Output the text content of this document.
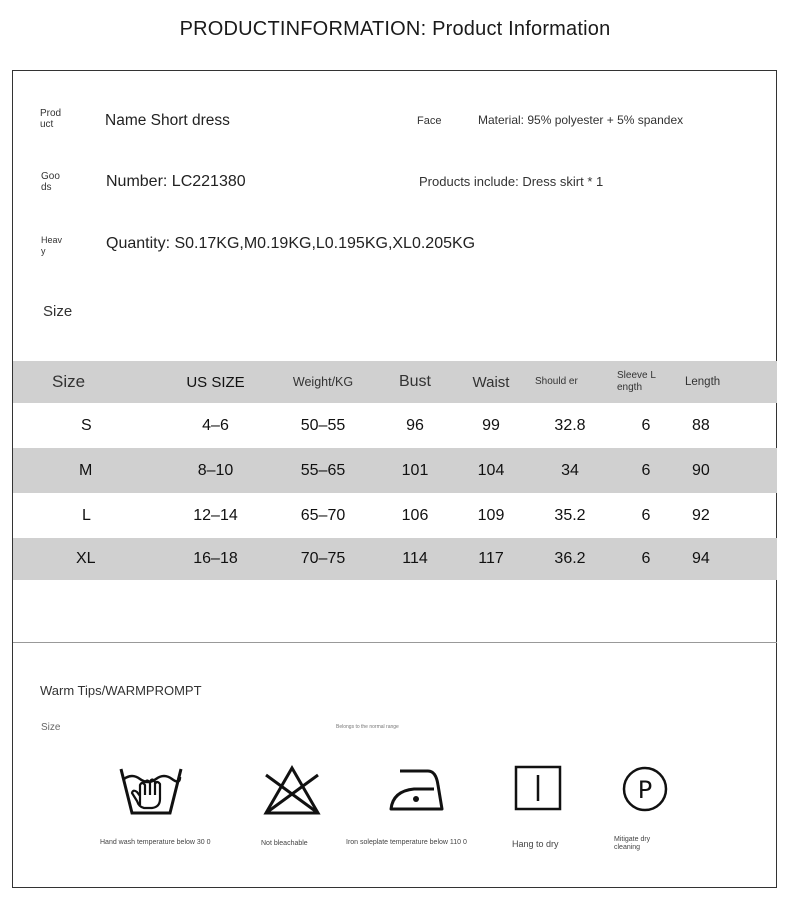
PRODUCTINFORMATION: Product Information
Prod uct	Name Short dress	Face	Material: 95% polyester + 5% spandex
Goo ds	Number: LC221380	Products include: Dress skirt * 1
Heav y	Quantity: S0.17KG,M0.19KG,L0.195KG,XL0.205KG
Size
Size	US SIZE	Weight/KG	Bust	Waist	Should er	Sleeve L ength	Length
S	4–6	50–55	96	99	32.8	6	88
M	8–10	55–65	101	104	34	6	90
L	12–14	65–70	106	109	35.2	6	92
XL	16–18	70–75	114	117	36.2	6	94
Warm Tips/WARMPROMPT
Size	Belongs to the normal range
P
Hand wash temperature below 30 0	Not bleachable	Iron soleplate temperature below 110 0	Hang to dry	Mitigate dry cleaning
